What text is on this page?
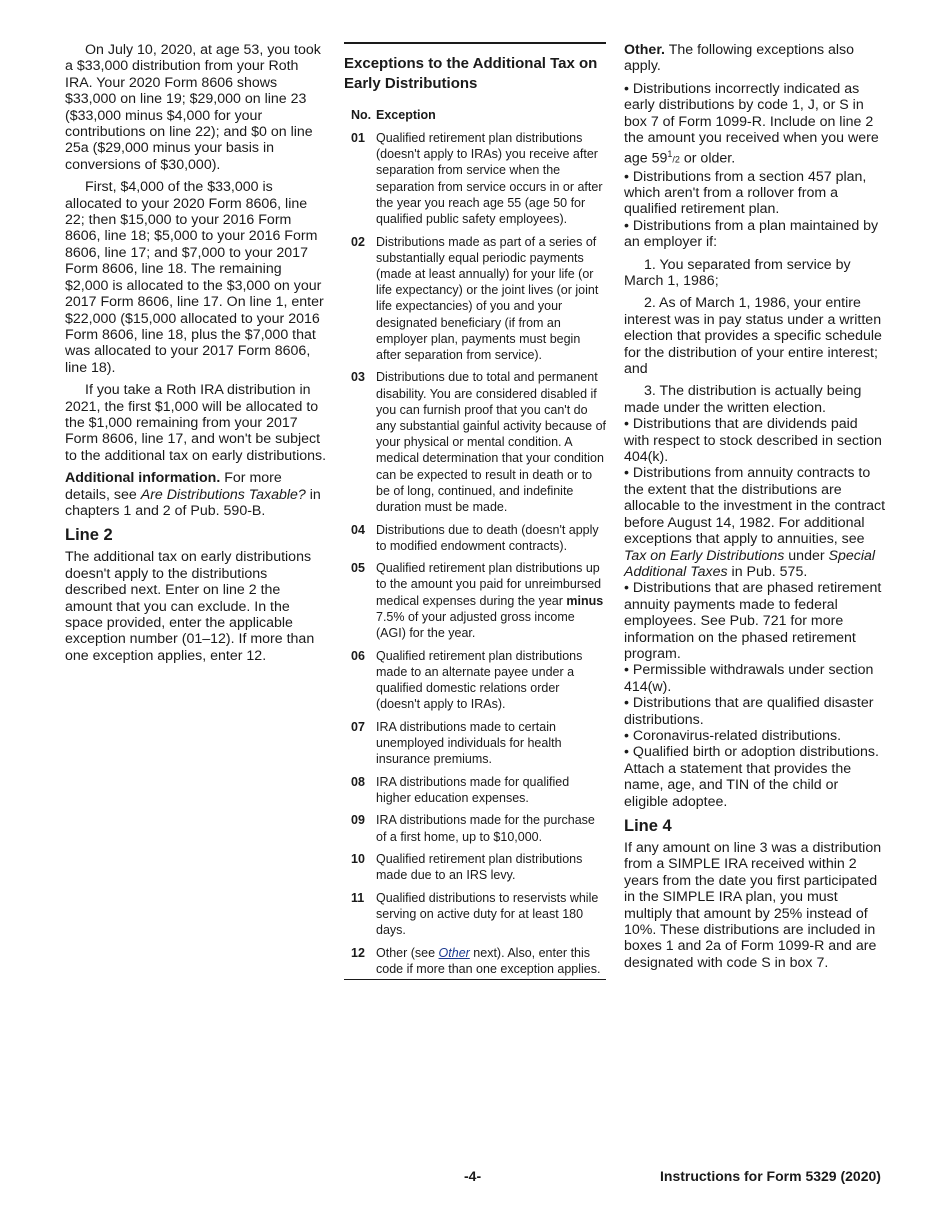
On July 10, 2020, at age 53, you took a $33,000 distribution from your Roth IRA. Your 2020 Form 8606 shows $33,000 on line 19; $29,000 on line 23 ($33,000 minus $4,000 for your contributions on line 22); and $0 on line 25a ($29,000 minus your basis in conversions of $30,000).

First, $4,000 of the $33,000 is allocated to your 2020 Form 8606, line 22; then $15,000 to your 2016 Form 8606, line 18; $5,000 to your 2016 Form 8606, line 17; and $7,000 to your 2017 Form 8606, line 18. The remaining $2,000 is allocated to the $3,000 on your 2017 Form 8606, line 17. On line 1, enter $22,000 ($15,000 allocated to your 2016 Form 8606, line 18, plus the $7,000 that was allocated to your 2017 Form 8606, line 18).

If you take a Roth IRA distribution in 2021, the first $1,000 will be allocated to the $1,000 remaining from your 2017 Form 8606, line 17, and won't be subject to the additional tax on early distributions.

Additional information. For more details, see Are Distributions Taxable? in chapters 1 and 2 of Pub. 590-B.

Line 2

The additional tax on early distributions doesn't apply to the distributions described next. Enter on line 2 the amount that you can exclude. In the space provided, enter the applicable exception number (01–12). If more than one exception applies, enter 12.

Exceptions to the Additional Tax on Early Distributions
No. Exception
01 Qualified retirement plan distributions (doesn't apply to IRAs) you receive after separation from service when the separation from service occurs in or after the year you reach age 55 (age 50 for qualified public safety employees).
02 Distributions made as part of a series of substantially equal periodic payments (made at least annually) for your life (or life expectancy) or the joint lives (or joint life expectancies) of you and your designated beneficiary (if from an employer plan, payments must begin after separation from service).
03 Distributions due to total and permanent disability. You are considered disabled if you can furnish proof that you can't do any substantial gainful activity because of your physical or mental condition. A medical determination that your condition can be expected to result in death or to be of long, continued, and indefinite duration must be made.
04 Distributions due to death (doesn't apply to modified endowment contracts).
05 Qualified retirement plan distributions up to the amount you paid for unreimbursed medical expenses during the year minus 7.5% of your adjusted gross income (AGI) for the year.
06 Qualified retirement plan distributions made to an alternate payee under a qualified domestic relations order (doesn't apply to IRAs).
07 IRA distributions made to certain unemployed individuals for health insurance premiums.
08 IRA distributions made for qualified higher education expenses.
09 IRA distributions made for the purchase of a first home, up to $10,000.
10 Qualified retirement plan distributions made due to an IRS levy.
11 Qualified distributions to reservists while serving on active duty for at least 180 days.
12 Other (see Other next). Also, enter this code if more than one exception applies.

Other. The following exceptions also apply.

• Distributions incorrectly indicated as early distributions by code 1, J, or S in box 7 of Form 1099-R. Include on line 2 the amount you received when you were age $59^1/2$ or older.

• Distributions from a section 457 plan, which aren't from a rollover from a qualified retirement plan.

• Distributions from a plan maintained by an employer if:

1. You separated from service by March 1, 1986;

2. As of March 1, 1986, your entire interest was in pay status under a written election that provides a specific schedule for the distribution of your entire interest; and

3. The distribution is actually being made under the written election.

• Distributions that are dividends paid with respect to stock described in section 404(k).

• Distributions from annuity contracts to the extent that the distributions are allocable to the investment in the contract before August 14, 1982. For additional exceptions that apply to annuities, see Tax on Early Distributions under Special Additional Taxes in Pub. 575.

• Distributions that are phased retirement annuity payments made to federal employees. See Pub. 721 for more information on the phased retirement program.

• Permissible withdrawals under section 414(w).

• Distributions that are qualified disaster distributions.

• Coronavirus-related distributions.

• Qualified birth or adoption distributions. Attach a statement that provides the name, age, and TIN of the child or eligible adoptee.

Line 4

If any amount on line 3 was a distribution from a SIMPLE IRA received within 2 years from the date you first participated in the SIMPLE IRA plan, you must multiply that amount by 25% instead of 10%. These distributions are included in boxes 1 and 2a of Form 1099-R and are designated with code S in box 7.

-4-	Instructions for Form 5329 (2020)
